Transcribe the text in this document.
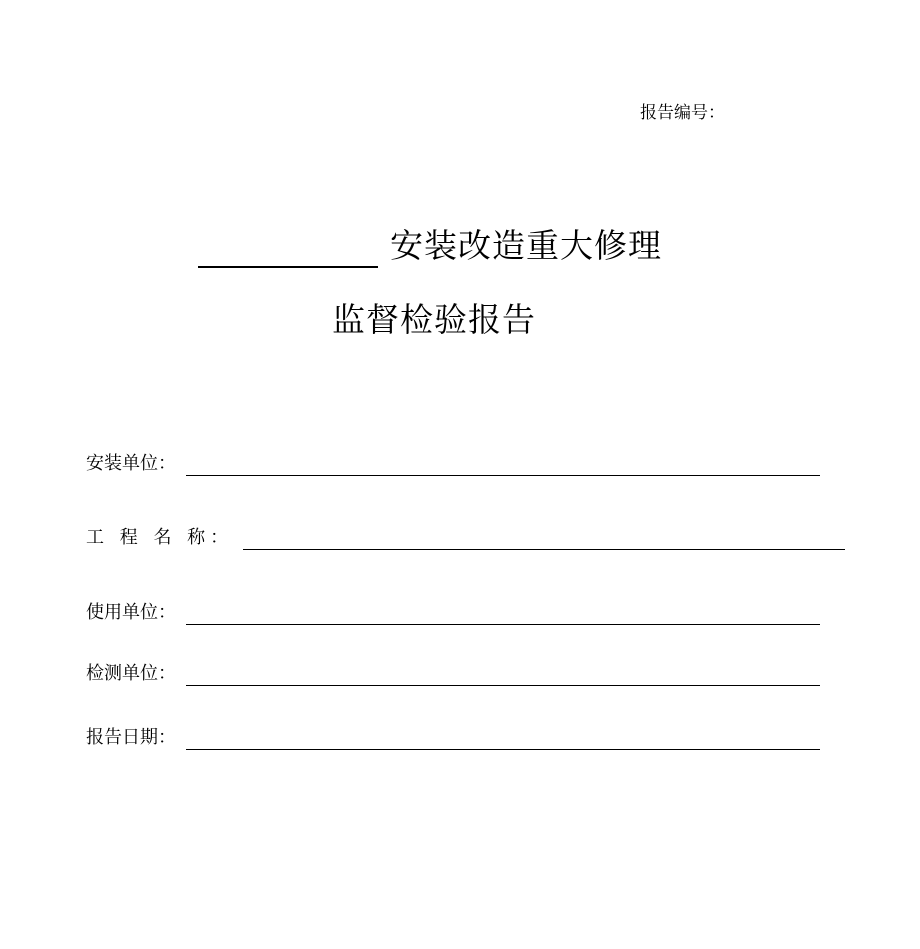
报告编号：
安装改造重大修理
监督检验报告
安装单位：
工 程 名 称：
使用单位：
检测单位：
报告日期：
